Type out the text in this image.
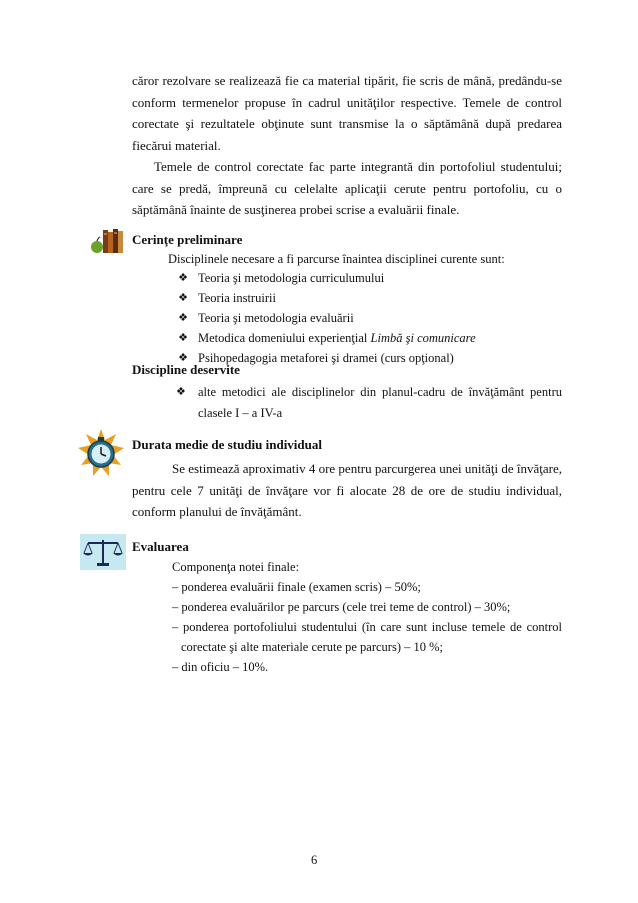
căror rezolvare se realizează fie ca material tipărit, fie scris de mână, predându-se
conform termenelor propuse în cadrul unităţilor respective. Temele de control
corectate şi rezultatele obţinute sunt transmise la o săptămână după predarea
fiecărui material.
Temele de control corectate fac parte integrantă din portofoliul studentului;
care se predă, împreună cu celelalte aplicaţii cerute pentru portofoliu, cu o
săptămână înainte de susţinerea probei scrise a evaluării finale.

Cerinţe preliminare

Disciplinele necesare a fi parcurse înaintea disciplinei curente sunt:

❖ Teoria şi metodologia curriculumului
❖ Teoria instruirii
❖ Teoria şi metodologia evaluării
❖ Metodica domeniului experienţial Limbă şi comunicare
❖ Psihopedagogia metaforei şi dramei (curs opţional)

Discipline deservite

❖ alte metodici ale disciplinelor din planul-cadru de învăţământ pentru
clasele I – a IV-a

Durata medie de studiu individual

Se estimează aproximativ 4 ore pentru parcurgerea unei unităţi de învăţare,
pentru cele 7 unităţi de învăţare vor fi alocate 28 de ore de studiu individual,
conform planului de învăţământ.

Evaluarea

Componenţa notei finale:

– ponderea evaluării finale (examen scris) – 50%;

– ponderea evaluărilor pe parcurs (cele trei teme de control) – 30%;

– ponderea portofoliului studentului (în care sunt incluse temele de control

corectate şi alte materiale cerute pe parcurs) – 10 %;

– din oficiu – 10%.

6
